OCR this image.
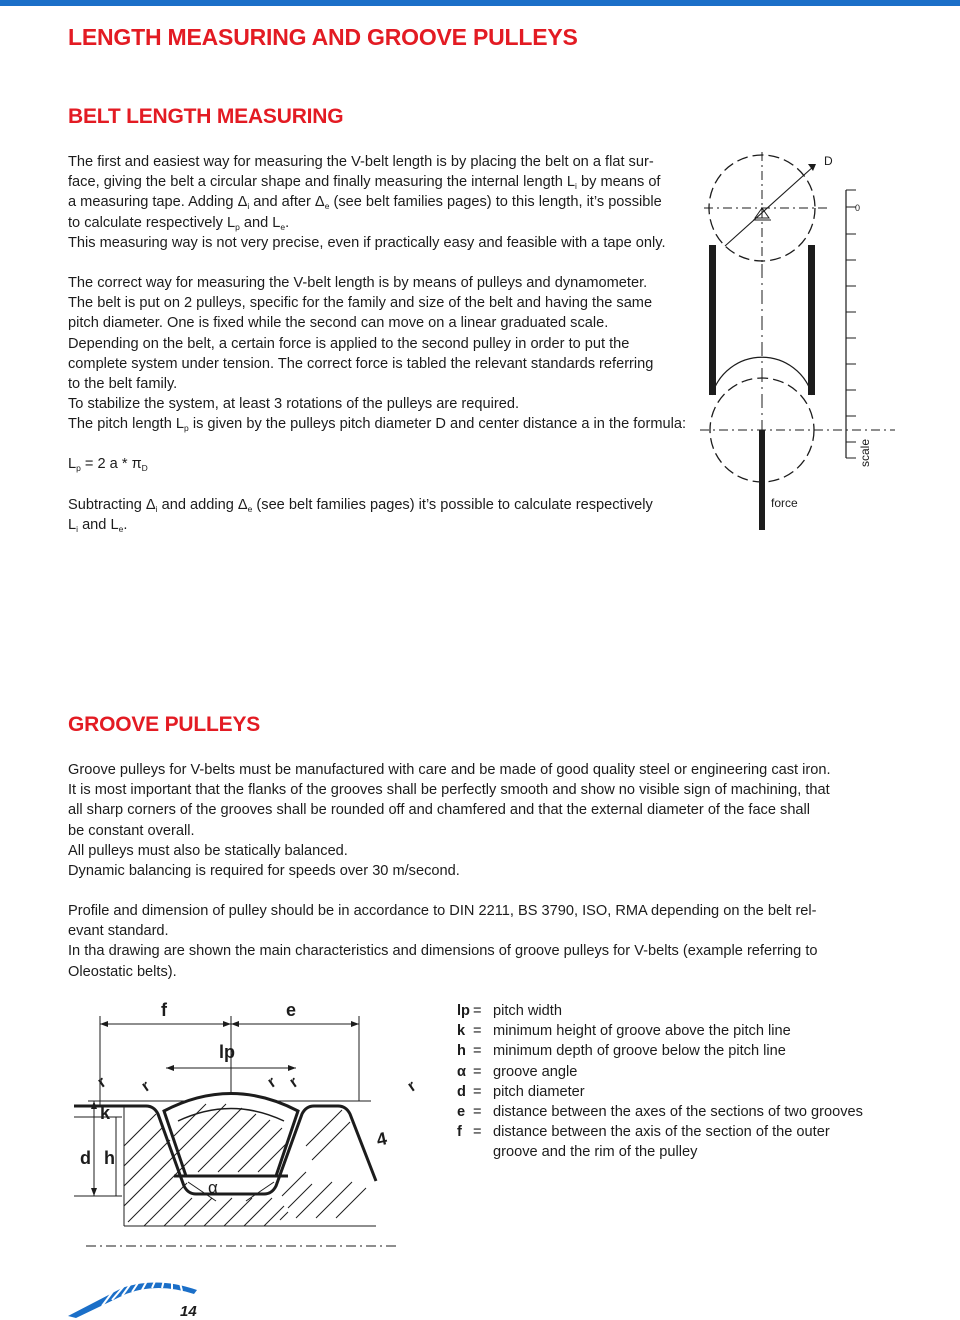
LENGTH MEASURING AND GROOVE PULLEYS
BELT LENGTH MEASURING
The first and easiest way for measuring the V-belt length is by placing the belt on a flat sur-
face, giving the belt a circular shape and finally measuring the internal length $L_i$ by means of
a measuring tape. Adding $\Delta_i$ and after $\Delta_e$ (see belt families pages) to this length, it’s possible
to calculate respectively $L_p$ and $L_e$.
This measuring way is not very precise, even if practically easy and feasible with a tape only.
The correct way for measuring the V-belt length is by means of pulleys and dynamometer.
The belt is put on 2 pulleys, specific for the family and size of the belt and having the same
pitch diameter. One is fixed while the second can move on a linear graduated scale.
Depending on the belt, a certain force is applied to the second pulley in order to put the
complete system under tension. The correct force is tabled the relevant standards referring
to the belt family.
To stabilize the system, at least 3 rotations of the pulleys are required.
The pitch length $L_p$ is given by the pulleys pitch diameter D and center distance a in the formula:
$L_p = 2$ a * $\pi_D$
Subtracting $\Delta_i$ and adding $\Delta_e$ (see belt families pages) it’s possible to calculate respectively
$L_i$ and $L_e$.
D
force
0
scale
GROOVE PULLEYS
Groove pulleys for V-belts must be manufactured with care and be made of good quality steel or engineering cast iron.
It is most important that the flanks of the grooves shall be perfectly smooth and show no visible sign of machining, that
all sharp corners of the grooves shall be rounded off and chamfered and that the external diameter of the face shall
be constant overall.
All pulleys must also be statically balanced.
Dynamic balancing is required for speeds over 30 m/second.
Profile and dimension of pulley should be in accordance to DIN 2211, BS 3790, ISO, RMA depending on the belt rel-
evant standard.
In tha drawing are shown the main characteristics and dimensions of groove pulleys for V-belts (example referring to
Oleostatic belts).
f	e
lp
k
d h
r r	r r	r
4
α
lp = pitch width
k = minimum height of groove above the pitch line
h = minimum depth of groove below the pitch line
α = groove angle
d = pitch diameter
e = distance between the axes of the sections of two grooves
f = distance between the axis of the section of the outer
groove and the rim of the pulley
14
